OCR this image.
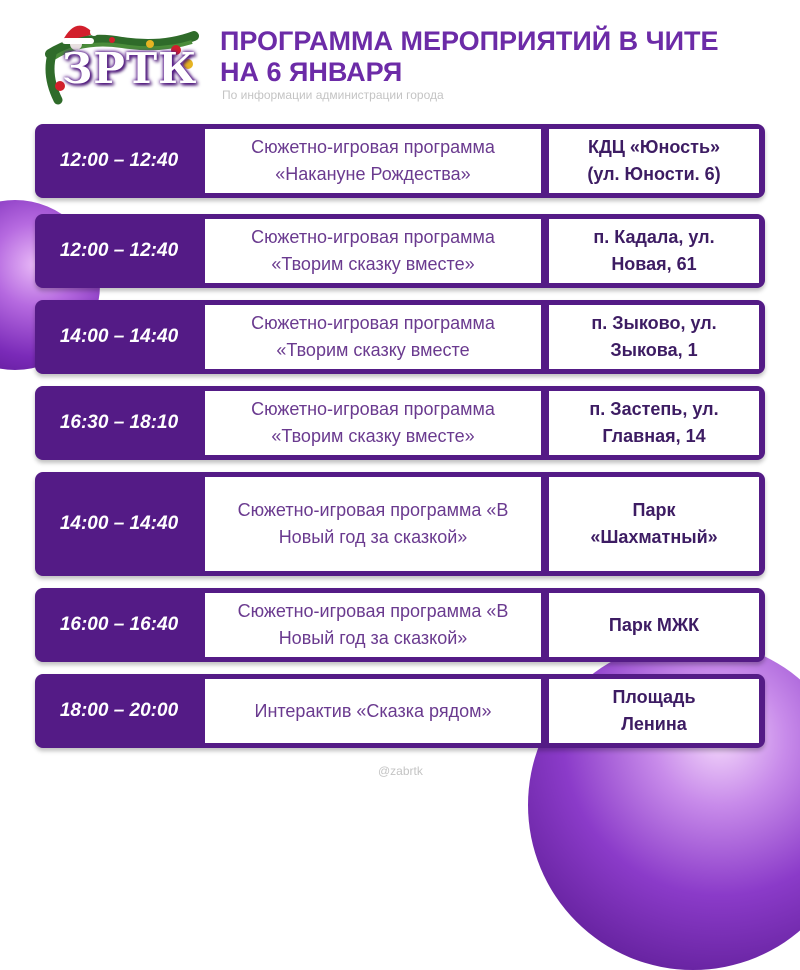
ЗРТК
ПРОГРАММА МЕРОПРИЯТИЙ В ЧИТЕ
НА 6 ЯНВАРЯ
По информации администрации города
12:00 – 12:40
Сюжетно-игровая программа
«Накануне Рождества»
КДЦ «Юность»
(ул. Юности. 6)
12:00 – 12:40
Сюжетно-игровая программа
«Творим сказку вместе»
п. Кадала, ул.
Новая, 61
14:00 – 14:40
Сюжетно-игровая программа
«Творим сказку вместе
п. Зыково, ул.
Зыкова, 1
16:30 – 18:10
Сюжетно-игровая программа
«Творим сказку вместе»
п. Застепь, ул.
Главная, 14
14:00 – 14:40
Сюжетно-игровая программа «В
Новый год за сказкой»
Парк
«Шахматный»
16:00 – 16:40
Сюжетно-игровая программа «В
Новый год за сказкой»
Парк МЖК
18:00 – 20:00	Интерактив «Сказка рядом»
Площадь
Ленина
@zabrtk
